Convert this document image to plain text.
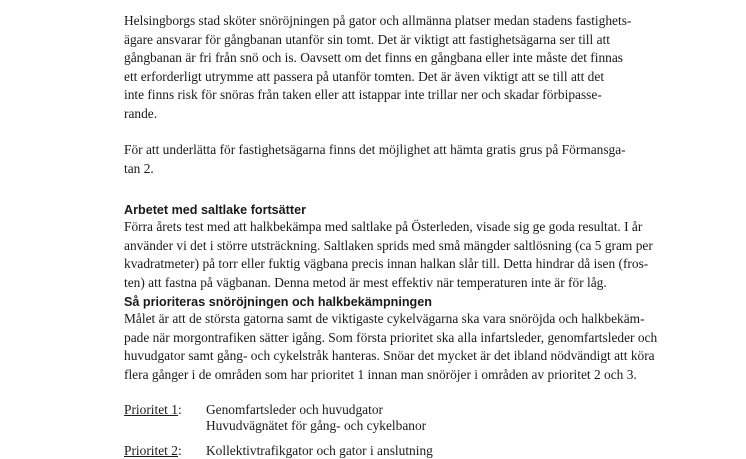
Helsingborgs stad sköter snöröjningen på gator och allmänna platser medan stadens fastighets-
ägare ansvarar för gångbanan utanför sin tomt. Det är viktigt att fastighetsägarna ser till att
gångbanan är fri från snö och is. Oavsett om det finns en gångbana eller inte måste det finnas
ett erforderligt utrymme att passera på utanför tomten. Det är även viktigt att se till att det
inte finns risk för snöras från taken eller att istappar inte trillar ner och skadar förbipasse-
rande.

För att underlätta för fastighetsägarna finns det möjlighet att hämta gratis grus på Förmansga-
tan 2.

Arbetet med saltlake fortsätter

Förra årets test med att halkbekämpa med saltlake på Österleden, visade sig ge goda resultat. I år
använder vi det i större utsträckning. Saltlaken sprids med små mängder saltlösning (ca 5 gram per
kvadratmeter) på torr eller fuktig vägbana precis innan halkan slår till. Detta hindrar då isen (fros-
ten) att fastna på vägbanan. Denna metod är mest effektiv när temperaturen inte är för låg.

Så prioriteras snöröjningen och halkbekämpningen

Målet är att de största gatorna samt de viktigaste cykelvägarna ska vara snöröjda och halkbekäm-
pade när morgontrafiken sätter igång. Som första prioritet ska alla infartsleder, genomfartsleder och
huvudgator samt gång- och cykelstråk hanteras. Snöar det mycket är det ibland nödvändigt att köra
flera gånger i de områden som har prioritet 1 innan man snöröjer i områden av prioritet 2 och 3.

Prioritet 1:	Genomfartsleder och huvudgator
Huvudvägnätet för gång- och cykelbanor
Prioritet 2:	Kollektivtrafikgator och gator i anslutning
